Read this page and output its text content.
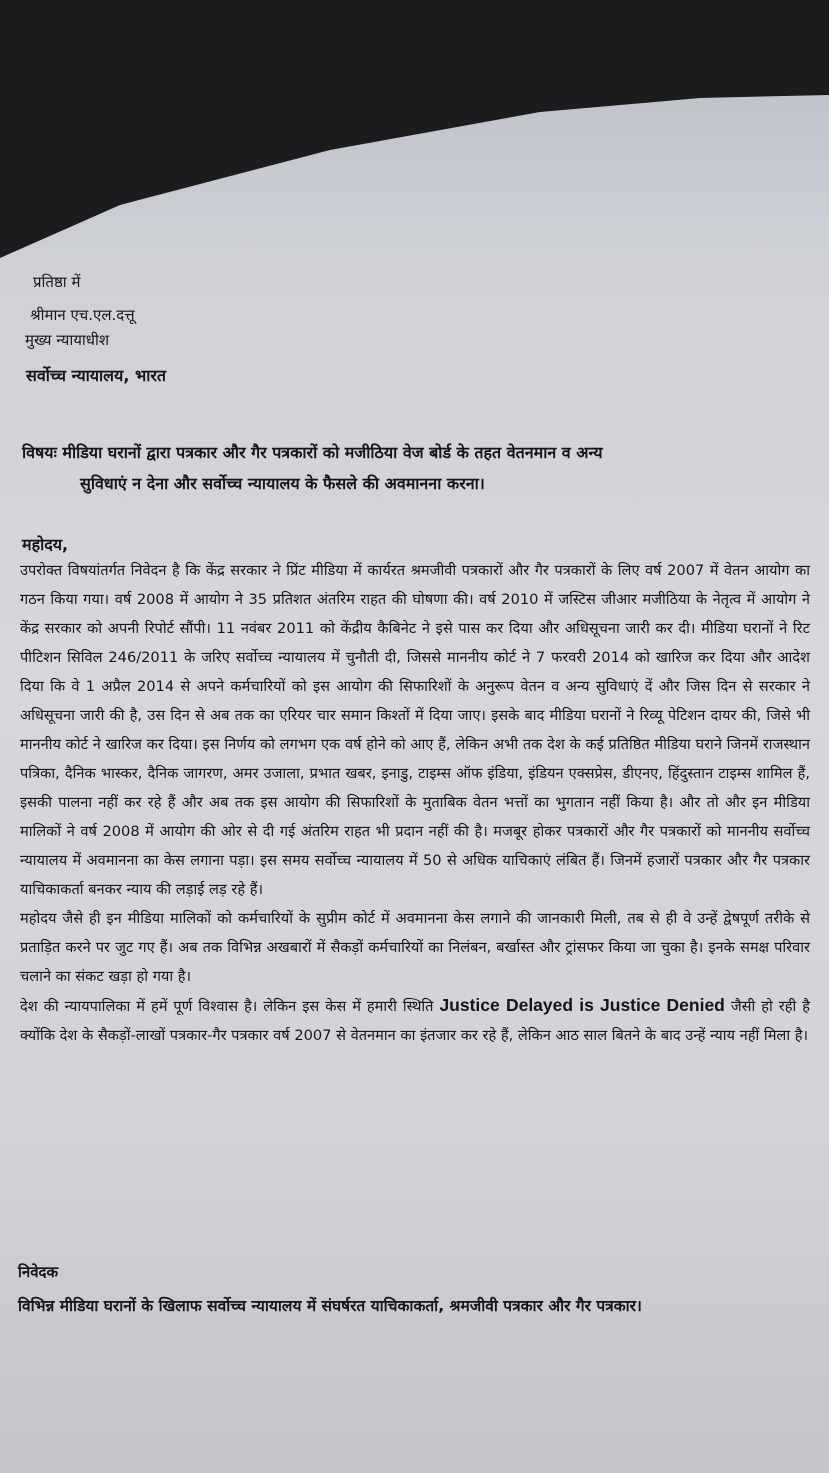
प्रतिष्ठा में
श्रीमान एच.एल.दत्तू
मुख्य न्यायाधीश
सर्वोच्च न्यायालय, भारत
विषयः मीडिया घरानों द्वारा पत्रकार और गैर पत्रकारों को मजीठिया वेज बोर्ड के तहत वेतनमान व अन्य
सुविधाएं न देना और सर्वोच्च न्यायालय के फैसले की अवमानना करना।
महोदय,

उपरोक्त विषयांतर्गत निवेदन है कि केंद्र सरकार ने प्रिंट मीडिया में कार्यरत श्रमजीवी पत्रकारों और गैर पत्रकारों के लिए वर्ष 2007 में वेतन आयोग का गठन किया गया। वर्ष 2008 में आयोग ने 35 प्रतिशत अंतरिम राहत की घोषणा की। वर्ष 2010 में जस्टिस जीआर मजीठिया के नेतृत्व में आयोग ने केंद्र सरकार को अपनी रिपोर्ट सौंपी। 11 नवंबर 2011 को केंद्रीय कैबिनेट ने इसे पास कर दिया और अधिसूचना जारी कर दी। मीडिया घरानों ने रिट पीटिशन सिविल 246/2011 के जरिए सर्वोच्च न्यायालय में चुनौती दी, जिससे माननीय कोर्ट ने 7 फरवरी 2014 को खारिज कर दिया और आदेश दिया कि वे 1 अप्रैल 2014 से अपने कर्मचारियों को इस आयोग की सिफारिशों के अनुरूप वेतन व अन्य सुविधाएं दें और जिस दिन से सरकार ने अधिसूचना जारी की है, उस दिन से अब तक का एरियर चार समान किश्तों में दिया जाए। इसके बाद मीडिया घरानों ने रिव्यू पेटिशन दायर की, जिसे भी माननीय कोर्ट ने खारिज कर दिया। इस निर्णय को लगभग एक वर्ष होने को आए हैं, लेकिन अभी तक देश के कई प्रतिष्ठित मीडिया घराने जिनमें राजस्थान पत्रिका, दैनिक भास्कर, दैनिक जागरण, अमर उजाला, प्रभात खबर, इनाडु, टाइम्स ऑफ इंडिया, इंडियन एक्सप्रेस, डीएनए, हिंदुस्तान टाइम्स शामिल हैं, इसकी पालना नहीं कर रहे हैं और अब तक इस आयोग की सिफारिशों के मुताबिक वेतन भत्तों का भुगतान नहीं किया है। और तो और इन मीडिया मालिकों ने वर्ष 2008 में आयोग की ओर से दी गई अंतरिम राहत भी प्रदान नहीं की है। मजबूर होकर पत्रकारों और गैर पत्रकारों को माननीय सर्वोच्च न्यायालय में अवमानना का केस लगाना पड़ा। इस समय सर्वोच्च न्यायालय में 50 से अधिक याचिकाएं लंबित हैं। जिनमें हजारों पत्रकार और गैर पत्रकार याचिकाकर्ता बनकर न्याय की लड़ाई लड़ रहे हैं।

महोदय जैसे ही इन मीडिया मालिकों को कर्मचारियों के सुप्रीम कोर्ट में अवमानना केस लगाने की जानकारी मिली, तब से ही वे उन्हें द्वेषपूर्ण तरीके से प्रताड़ित करने पर जुट गए हैं। अब तक विभिन्न अखबारों में सैकड़ों कर्मचारियों का निलंबन, बर्खास्त और ट्रांसफर किया जा चुका है। इनके समक्ष परिवार चलाने का संकट खड़ा हो गया है।

देश की न्यायपालिका में हमें पूर्ण विश्वास है। लेकिन इस केस में हमारी स्थिति Justice Delayed is Justice Denied जैसी हो रही है क्योंकि देश के सैकड़ों-लाखों पत्रकार-गैर पत्रकार वर्ष 2007 से वेतनमान का इंतजार कर रहे हैं, लेकिन आठ साल बितने के बाद उन्हें न्याय नहीं मिला है।

निवेदक
विभिन्न मीडिया घरानों के खिलाफ सर्वोच्च न्यायालय में संघर्षरत याचिकाकर्ता, श्रमजीवी पत्रकार और गैर पत्रकार।
